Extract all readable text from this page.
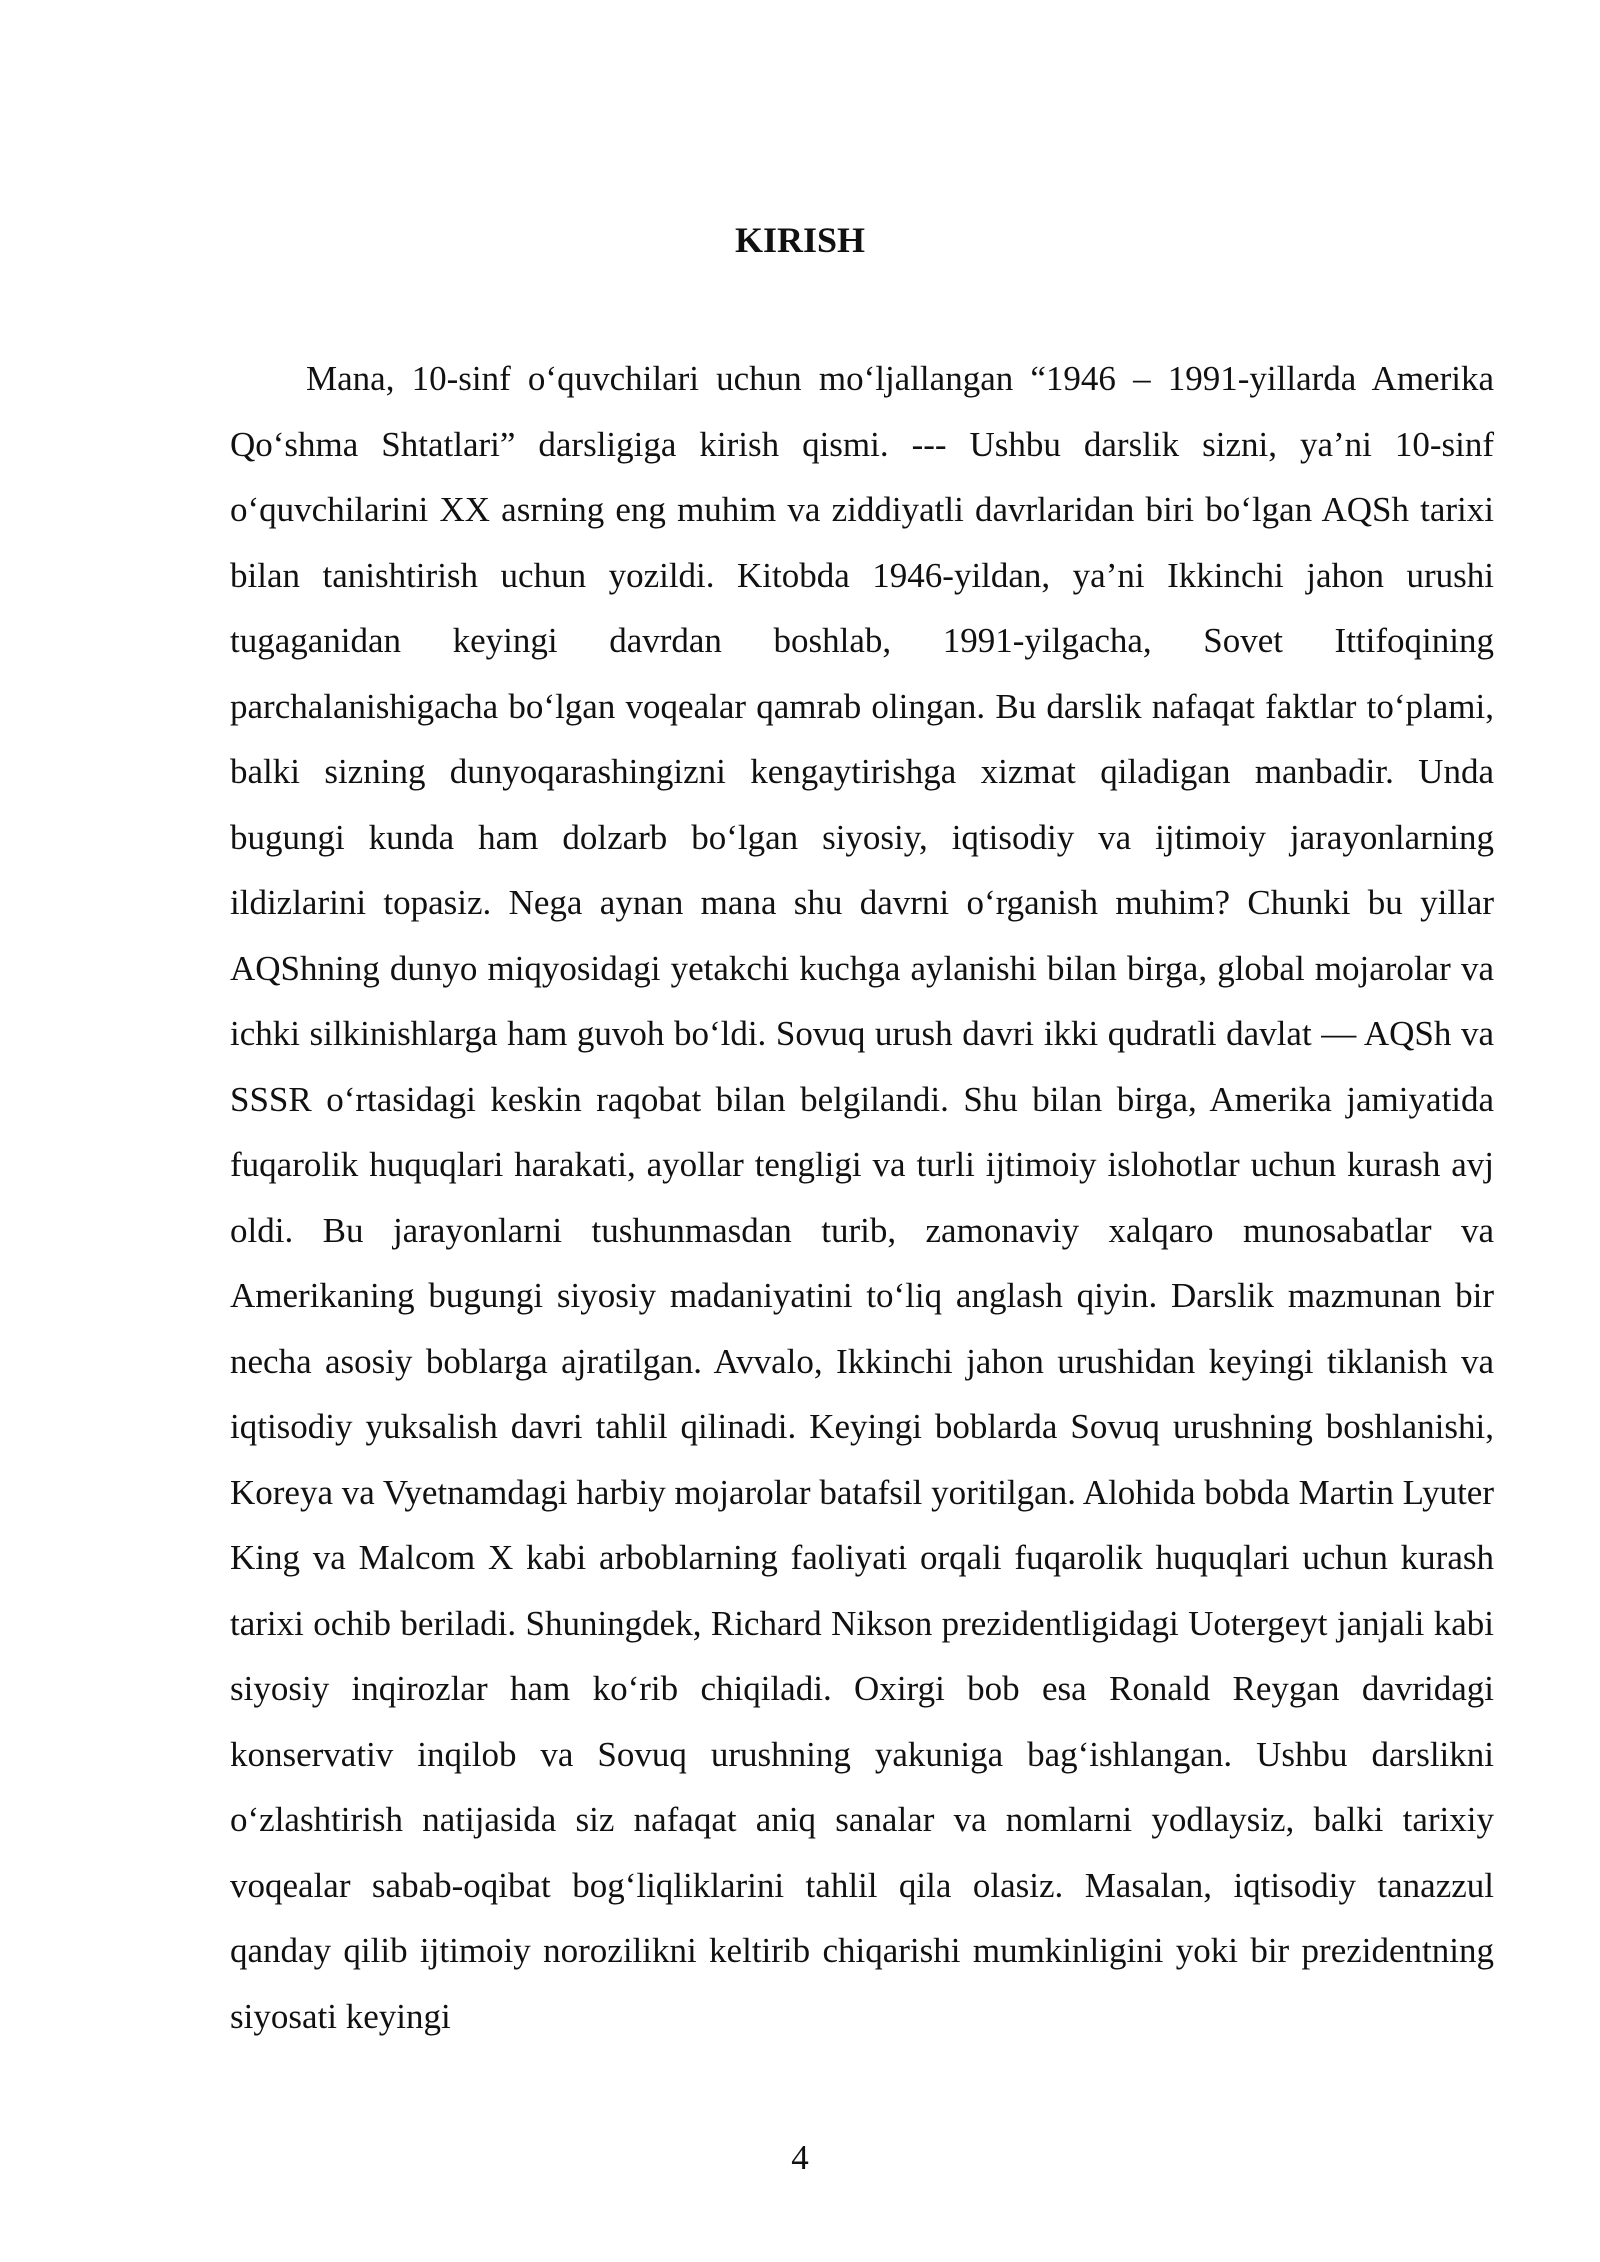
KIRISH

Mana, 10-sinf o‘quvchilari uchun mo‘ljallangan “1946 – 1991-yillarda Amerika Qo‘shma Shtatlari” darsligiga kirish qismi. --- Ushbu darslik sizni, ya’ni 10-sinf o‘quvchilarini XX asrning eng muhim va ziddiyatli davrlaridan biri bo‘lgan AQSh tarixi bilan tanishtirish uchun yozildi. Kitobda 1946-yildan, ya’ni Ikkinchi jahon urushi tugaganidan keyingi davrdan boshlab, 1991-yilgacha, Sovet Ittifoqining parchalanishigacha bo‘lgan voqealar qamrab olingan. Bu darslik nafaqat faktlar to‘plami, balki sizning dunyoqarashingizni kengaytirishga xizmat qiladigan manbadir. Unda bugungi kunda ham dolzarb bo‘lgan siyosiy, iqtisodiy va ijtimoiy jarayonlarning ildizlarini topasiz. Nega aynan mana shu davrni o‘rganish muhim? Chunki bu yillar AQShning dunyo miqyosidagi yetakchi kuchga aylanishi bilan birga, global mojarolar va ichki silkinishlarga ham guvoh bo‘ldi. Sovuq urush davri ikki qudratli davlat — AQSh va SSSR o‘rtasidagi keskin raqobat bilan belgilandi. Shu bilan birga, Amerika jamiyatida fuqarolik huquqlari harakati, ayollar tengligi va turli ijtimoiy islohotlar uchun kurash avj oldi. Bu jarayonlarni tushunmasdan turib, zamonaviy xalqaro munosabatlar va Amerikaning bugungi siyosiy madaniyatini to‘liq anglash qiyin. Darslik mazmunan bir necha asosiy boblarga ajratilgan. Avvalo, Ikkinchi jahon urushidan keyingi tiklanish va iqtisodiy yuksalish davri tahlil qilinadi. Keyingi boblarda Sovuq urushning boshlanishi, Koreya va Vyetnamdagi harbiy mojarolar batafsil yoritilgan. Alohida bobda Martin Lyuter King va Malcom X kabi arboblarning faoliyati orqali fuqarolik huquqlari uchun kurash tarixi ochib beriladi. Shuningdek, Richard Nikson prezidentligidagi Uotergeyt janjali kabi siyosiy inqirozlar ham ko‘rib chiqiladi. Oxirgi bob esa Ronald Reygan davridagi konservativ inqilob va Sovuq urushning yakuniga bag‘ishlangan. Ushbu darslikni o‘zlashtirish natijasida siz nafaqat aniq sanalar va nomlarni yodlaysiz, balki tarixiy voqealar sabab-oqibat bog‘liqliklarini tahlil qila olasiz. Masalan, iqtisodiy tanazzul qanday qilib ijtimoiy norozilikni keltirib chiqarishi mumkinligini yoki bir prezidentning siyosati keyingi

4
